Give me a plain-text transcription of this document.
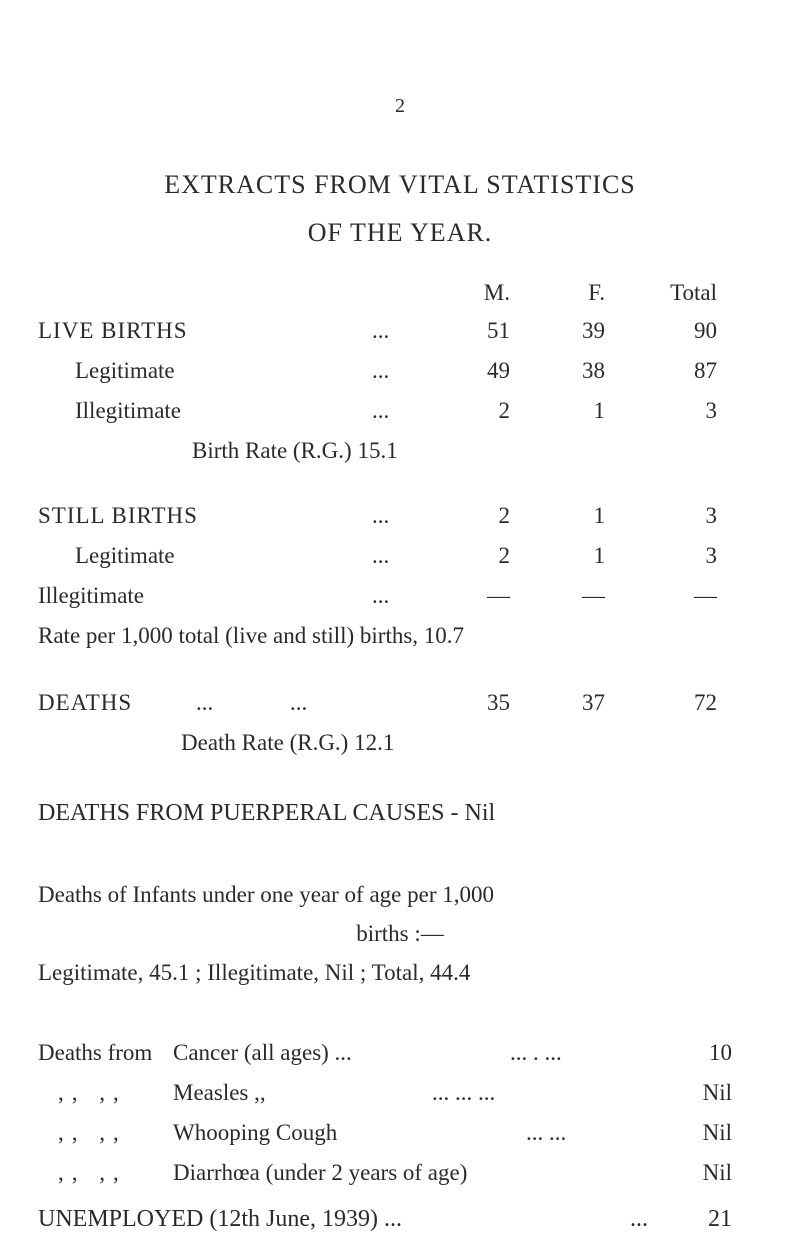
2
EXTRACTS FROM VITAL STATISTICS
OF THE YEAR.
M.	F.	Total
LIVE BIRTHS	...	51	39	90
Legitimate	...	49	38	87
Illegitimate	...	2	1	3
Birth Rate (R.G.) 15.1
STILL BIRTHS	...	2	1	3
Legitimate	...	2	1	3
Illegitimate	...	—	—	—
Rate per 1,000 total (live and still) births, 10.7
DEATHS	...	...	35	37	72
Death Rate (R.G.) 12.1
DEATHS FROM PUERPERAL CAUSES - Nil
Deaths of Infants under one year of age per 1,000
births :—
Legitimate, 45.1 ; Illegitimate, Nil ; Total, 44.4
Deaths from Cancer (all ages) ...	... . ...	10
,, ,, Measles ,,	... ... ...	Nil
,, ,, Whooping Cough	... ...	Nil
,, ,, Diarrhœa (under 2 years of age)	Nil
UNEMPLOYED (12th June, 1939) ...	...	21
